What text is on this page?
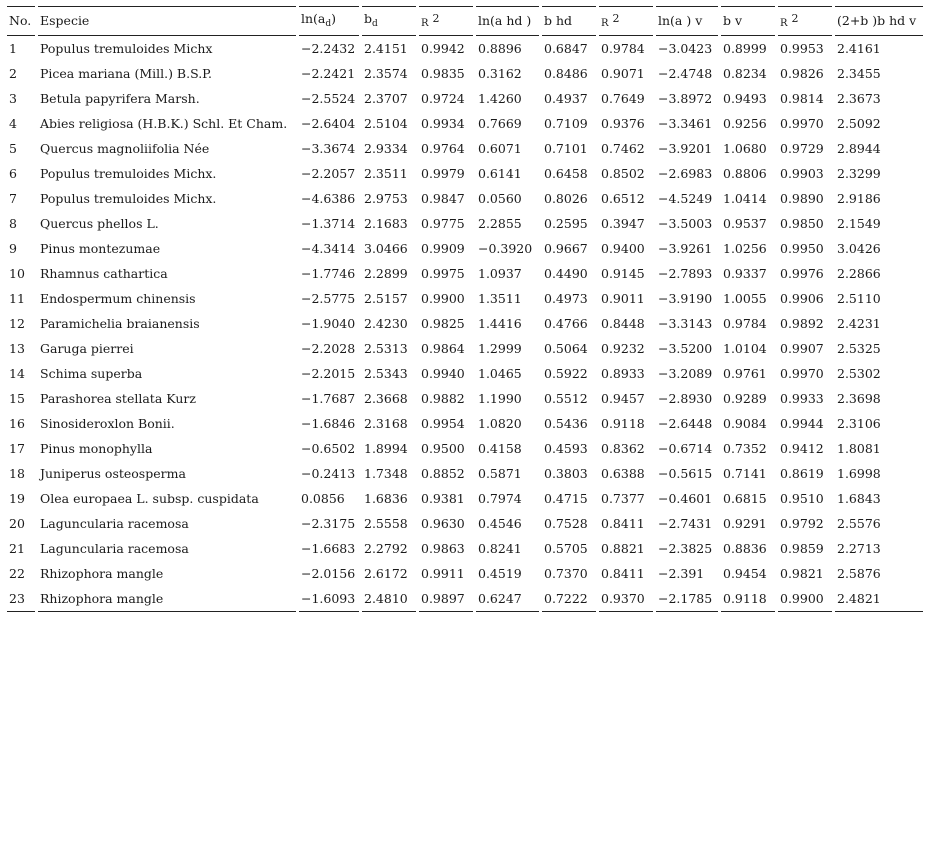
No.	Especie	$\ln(a_d)$	$b_d$	R $^2$	ln(a hd )	b hd	R $^2$	ln(a ) v	b v	R $^2$	(2+b )b hd v
1	Populus tremuloides Michx	−2.2432	2.4151	0.9942	0.8896	0.6847	0.9784	−3.0423	0.8999	0.9953	2.4161
2	Picea mariana (Mill.) B.S.P.	−2.2421	2.3574	0.9835	0.3162	0.8486	0.9071	−2.4748	0.8234	0.9826	2.3455
3	Betula papyrifera Marsh.	−2.5524	2.3707	0.9724	1.4260	0.4937	0.7649	−3.8972	0.9493	0.9814	2.3673
4	Abies religiosa (H.B.K.) Schl. Et Cham.	−2.6404	2.5104	0.9934	0.7669	0.7109	0.9376	−3.3461	0.9256	0.9970	2.5092
5	Quercus magnoliifolia Née	−3.3674	2.9334	0.9764	0.6071	0.7101	0.7462	−3.9201	1.0680	0.9729	2.8944
6	Populus tremuloides Michx.	−2.2057	2.3511	0.9979	0.6141	0.6458	0.8502	−2.6983	0.8806	0.9903	2.3299
7	Populus tremuloides Michx.	−4.6386	2.9753	0.9847	0.0560	0.8026	0.6512	−4.5249	1.0414	0.9890	2.9186
8	Quercus phellos L.	−1.3714	2.1683	0.9775	2.2855	0.2595	0.3947	−3.5003	0.9537	0.9850	2.1549
9	Pinus montezumae	−4.3414	3.0466	0.9909	−0.3920	0.9667	0.9400	−3.9261	1.0256	0.9950	3.0426
10	Rhamnus cathartica	−1.7746	2.2899	0.9975	1.0937	0.4490	0.9145	−2.7893	0.9337	0.9976	2.2866
11	Endospermum chinensis	−2.5775	2.5157	0.9900	1.3511	0.4973	0.9011	−3.9190	1.0055	0.9906	2.5110
12	Paramichelia braianensis	−1.9040	2.4230	0.9825	1.4416	0.4766	0.8448	−3.3143	0.9784	0.9892	2.4231
13	Garuga pierrei	−2.2028	2.5313	0.9864	1.2999	0.5064	0.9232	−3.5200	1.0104	0.9907	2.5325
14	Schima superba	−2.2015	2.5343	0.9940	1.0465	0.5922	0.8933	−3.2089	0.9761	0.9970	2.5302
15	Parashorea stellata Kurz	−1.7687	2.3668	0.9882	1.1990	0.5512	0.9457	−2.8930	0.9289	0.9933	2.3698
16	Sinosideroxlon Bonii.	−1.6846	2.3168	0.9954	1.0820	0.5436	0.9118	−2.6448	0.9084	0.9944	2.3106
17	Pinus monophylla	−0.6502	1.8994	0.9500	0.4158	0.4593	0.8362	−0.6714	0.7352	0.9412	1.8081
18	Juniperus osteosperma	−0.2413	1.7348	0.8852	0.5871	0.3803	0.6388	−0.5615	0.7141	0.8619	1.6998
19	Olea europaea L. subsp. cuspidata	0.0856	1.6836	0.9381	0.7974	0.4715	0.7377	−0.4601	0.6815	0.9510	1.6843
20	Laguncularia racemosa	−2.3175	2.5558	0.9630	0.4546	0.7528	0.8411	−2.7431	0.9291	0.9792	2.5576
21	Laguncularia racemosa	−1.6683	2.2792	0.9863	0.8241	0.5705	0.8821	−2.3825	0.8836	0.9859	2.2713
22	Rhizophora mangle	−2.0156	2.6172	0.9911	0.4519	0.7370	0.8411	−2.391	0.9454	0.9821	2.5876
23	Rhizophora mangle	−1.6093	2.4810	0.9897	0.6247	0.7222	0.9370	−2.1785	0.9118	0.9900	2.4821
